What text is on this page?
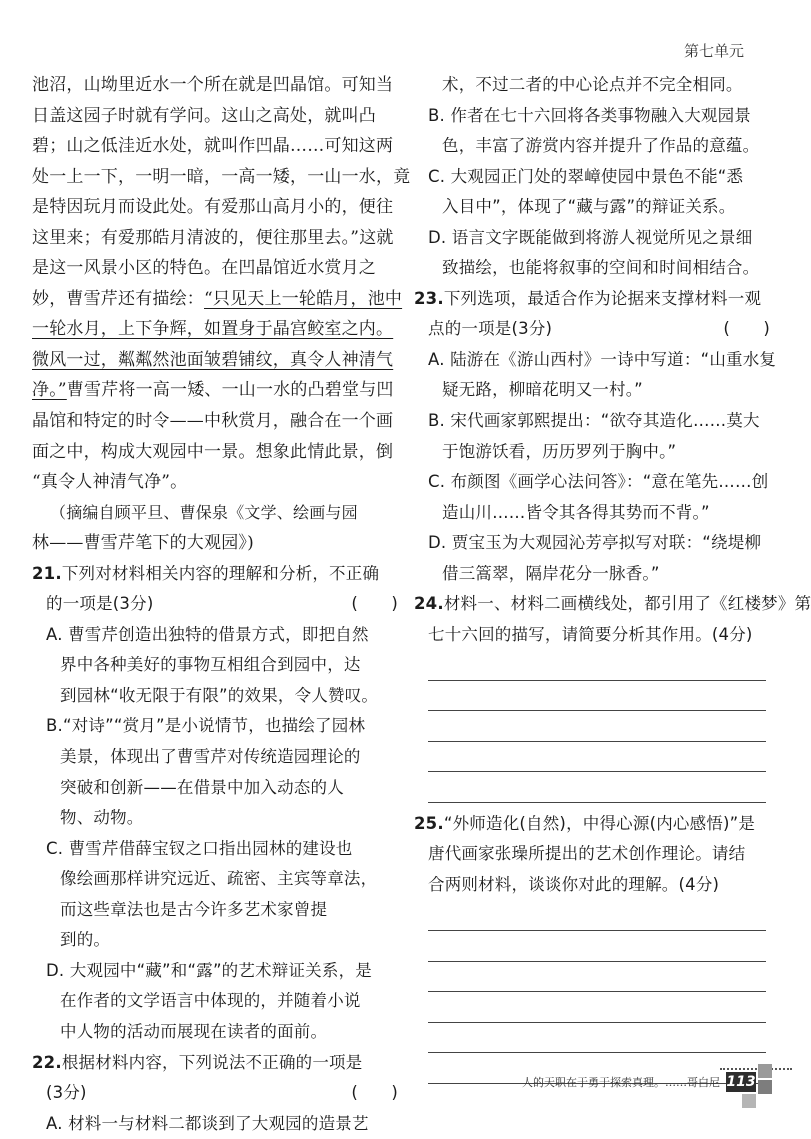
第七单元
池沼，山坳里近水一个所在就是凹晶馆。可知当
日盖这园子时就有学问。这山之高处，就叫凸
碧；山之低洼近水处，就叫作凹晶……可知这两
处一上一下，一明一暗，一高一矮，一山一水，竟
是特因玩月而设此处。有爱那山高月小的，便往
这里来；有爱那皓月清波的，便往那里去。”这就
是这一风景小区的特色。在凹晶馆近水赏月之
妙，曹雪芹还有描绘：“只见天上一轮皓月，池中
一轮水月，上下争辉，如置身于晶宫鲛室之内。
微风一过，粼粼然池面皱碧铺纹，真令人神清气
净。”曹雪芹将一高一矮、一山一水的凸碧堂与凹
晶馆和特定的时令——中秋赏月，融合在一个画
面之中，构成大观园中一景。想象此情此景，倒
“真令人神清气净”。
（摘编自顾平旦、曹保泉《文学、绘画与园
林——曹雪芹笔下的大观园》)
21.下列对材料相关内容的理解和分析，不正确
的一项是(3分)	(　　)
A. 曹雪芹创造出独特的借景方式，即把自然
界中各种美好的事物互相组合到园中，达
到园林“收无限于有限”的效果，令人赞叹。
B.“对诗”“赏月”是小说情节，也描绘了园林
美景，体现出了曹雪芹对传统造园理论的
突破和创新——在借景中加入动态的人
物、动物。
C. 曹雪芹借薛宝钗之口指出园林的建设也
像绘画那样讲究远近、疏密、主宾等章法，
而这些章法也是古今许多艺术家曾提
到的。
D. 大观园中“藏”和“露”的艺术辩证关系，是
在作者的文学语言中体现的，并随着小说
中人物的活动而展现在读者的面前。
22.根据材料内容，下列说法不正确的一项是
(3分)	(　　)
A. 材料一与材料二都谈到了大观园的造景艺
术，不过二者的中心论点并不完全相同。
B. 作者在七十六回将各类事物融入大观园景
色，丰富了游赏内容并提升了作品的意蕴。
C. 大观园正门处的翠嶂使园中景色不能“悉
入目中”，体现了“藏与露”的辩证关系。
D. 语言文字既能做到将游人视觉所见之景细
致描绘，也能将叙事的空间和时间相结合。
23.下列选项，最适合作为论据来支撑材料一观
点的一项是(3分)	(　　)
A. 陆游在《游山西村》一诗中写道：“山重水复
疑无路，柳暗花明又一村。”
B. 宋代画家郭熙提出：“欲夺其造化……莫大
于饱游饫看，历历罗列于胸中。”
C. 布颜图《画学心法问答》：“意在笔先……创
造山川……皆令其各得其势而不背。”
D. 贾宝玉为大观园沁芳亭拟写对联：“绕堤柳
借三篙翠，隔岸花分一脉香。”
24.材料一、材料二画横线处，都引用了《红楼梦》第
七十六回的描写，请简要分析其作用。(4分)
25.“外师造化(自然)，中得心源(内心感悟)”是
唐代画家张璪所提出的艺术创作理论。请结
合两则材料，谈谈你对此的理解。(4分)
人的天职在于勇于探索真理。……哥白尼 113
